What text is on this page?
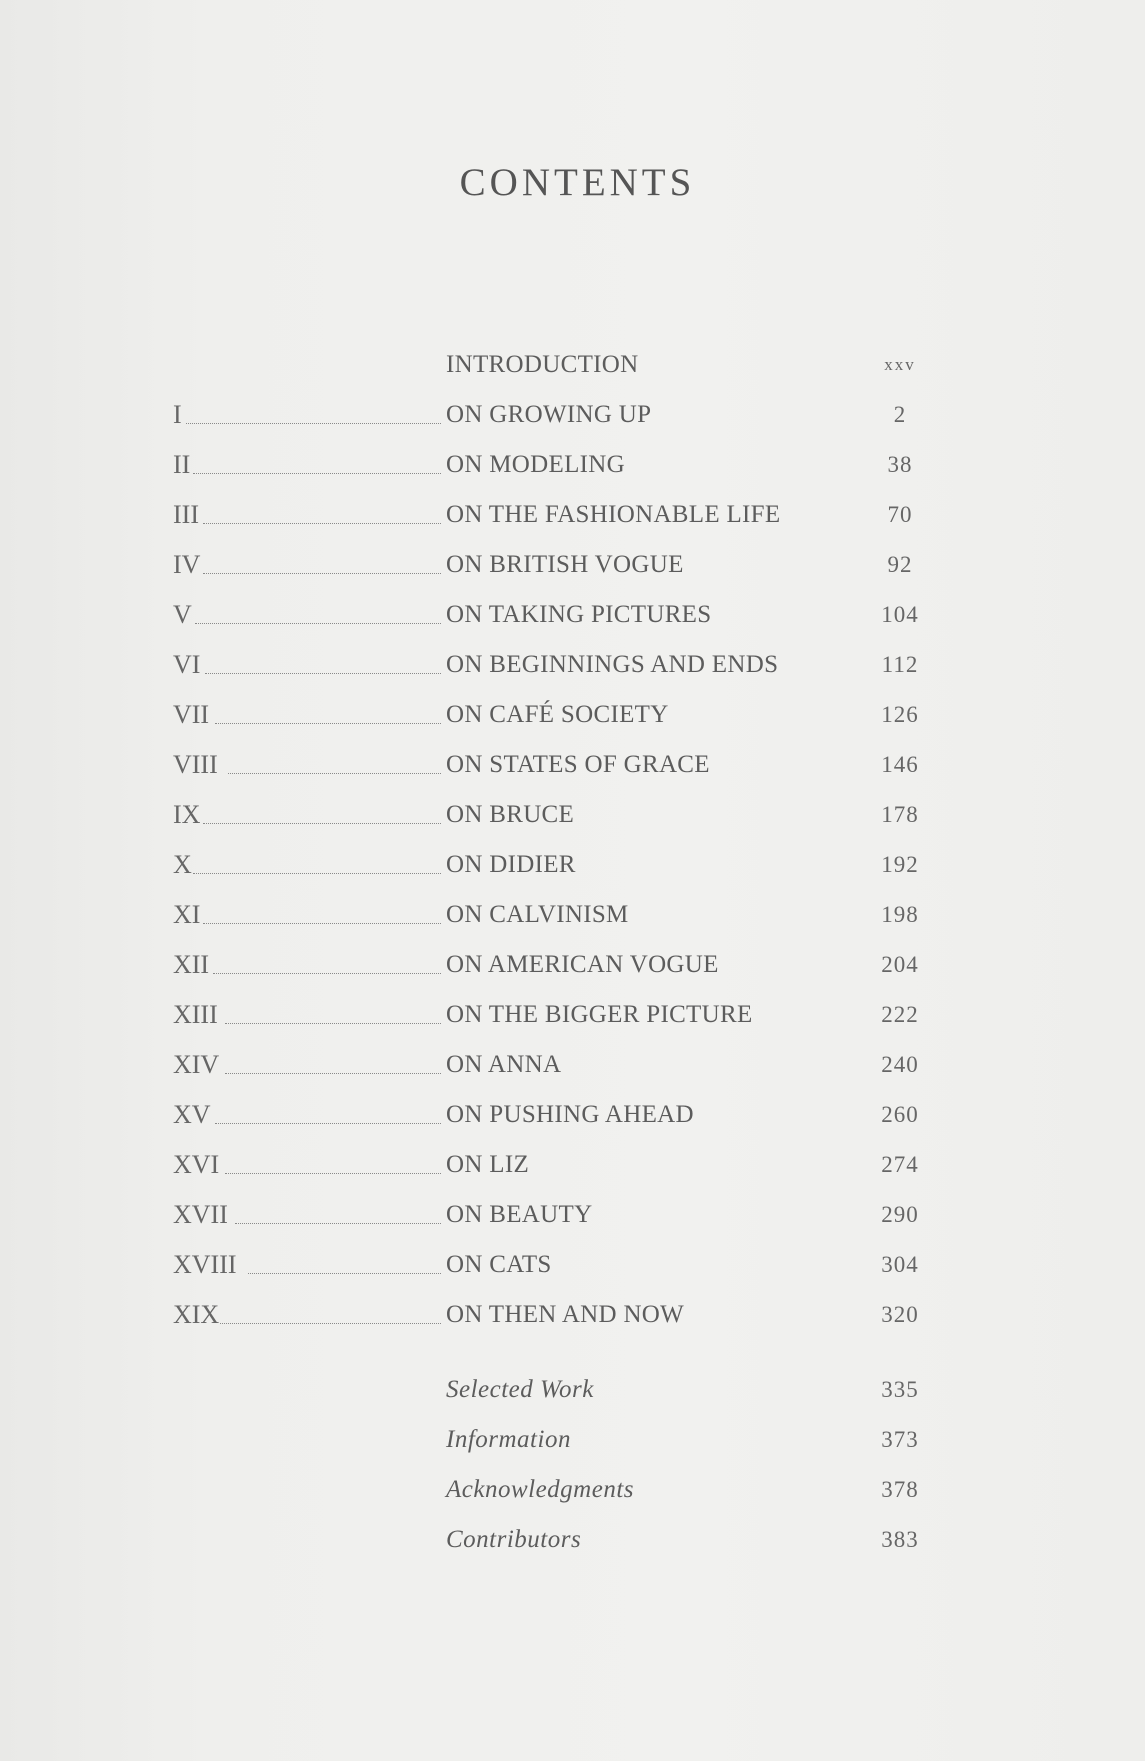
CONTENTS
INTRODUCTION	xxv
I	ON GROWING UP	2
II	ON MODELING	38
III	ON THE FASHIONABLE LIFE	70
IV	ON BRITISH VOGUE	92
V	ON TAKING PICTURES	104
VI	ON BEGINNINGS AND ENDS	112
VII	ON CAFÉ SOCIETY	126
VIII	ON STATES OF GRACE	146
IX	ON BRUCE	178
X	ON DIDIER	192
XI	ON CALVINISM	198
XII	ON AMERICAN VOGUE	204
XIII	ON THE BIGGER PICTURE	222
XIV	ON ANNA	240
XV	ON PUSHING AHEAD	260
XVI	ON LIZ	274
XVII	ON BEAUTY	290
XVIII	ON CATS	304
XIX	ON THEN AND NOW	320
Selected Work	335
Information	373
Acknowledgments	378
Contributors	383
